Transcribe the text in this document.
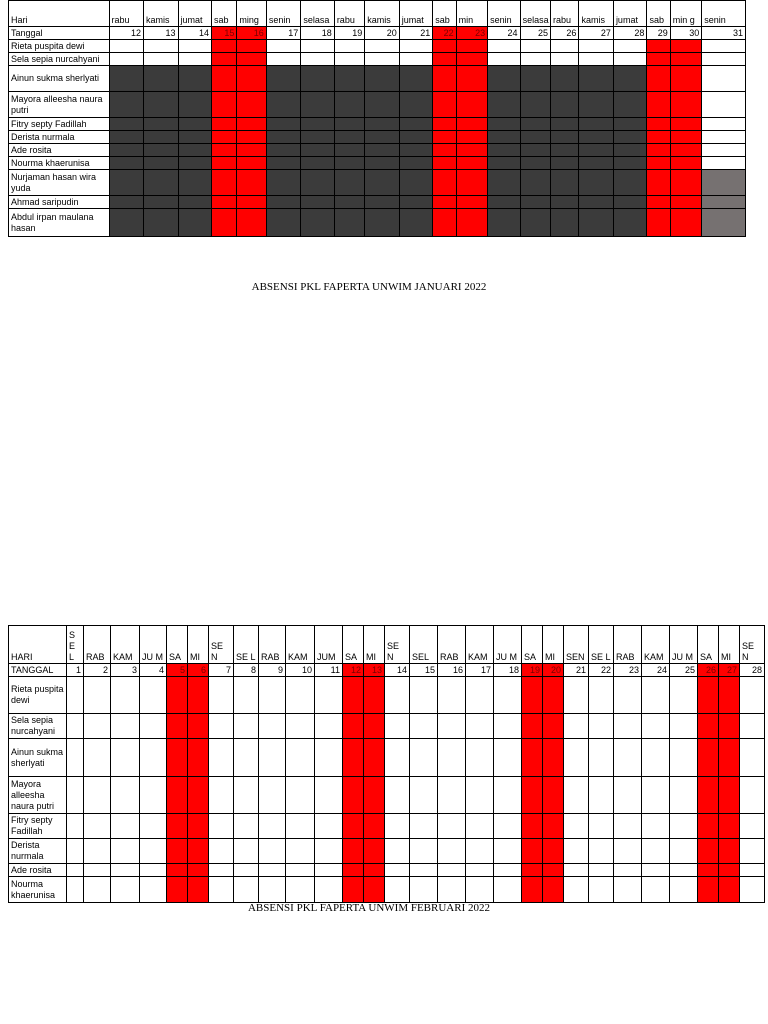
Hari	rabu	kamis	jumat	sab	ming	senin	selasa	rabu	kamis	jumat	sab	min	senin	selasa	rabu	kamis	jumat	sab	min g	senin
Tanggal	12	13	14	15	16	17	18	19	20	21	22	23	24	25	26	27	28	29	30	31
Rieta puspita dewi																				
Sela sepia nurcahyani																				
Ainun sukma sherlyati																				
Mayora alleesha naura putri																				
Fitry septy Fadillah																				
Derista nurmala																				
Ade rosita																				
Nourma khaerunisa																				
Nurjaman hasan wira yuda																				
Ahmad saripudin																				
Abdul irpan maulana hasan																				
ABSENSI PKL FAPERTA UNWIM JANUARI 2022
HARI	S E L	RAB	KAM	JU M	SA	MI	SE N	SE L	RAB	KAM	JUM	SA	MI	SE N	SEL	RAB	KAM	JU M	SA	MI	SEN	SE L	RAB	KAM	JU M	SA	MI	SE N
TANGGAL	1	2	3	4	5	6	7	8	9	10	11	12	13	14	15	16	17	18	19	20	21	22	23	24	25	26	27	28
Rieta puspita dewi																												
Sela sepia nurcahyani																												
Ainun sukma sherlyati																												
Mayora alleesha naura putri																												
Fitry septy Fadillah																												
Derista nurmala																												
Ade rosita																												
Nourma khaerunisa																												
ABSENSI PKL FAPERTA UNWIM FEBRUARI 2022
